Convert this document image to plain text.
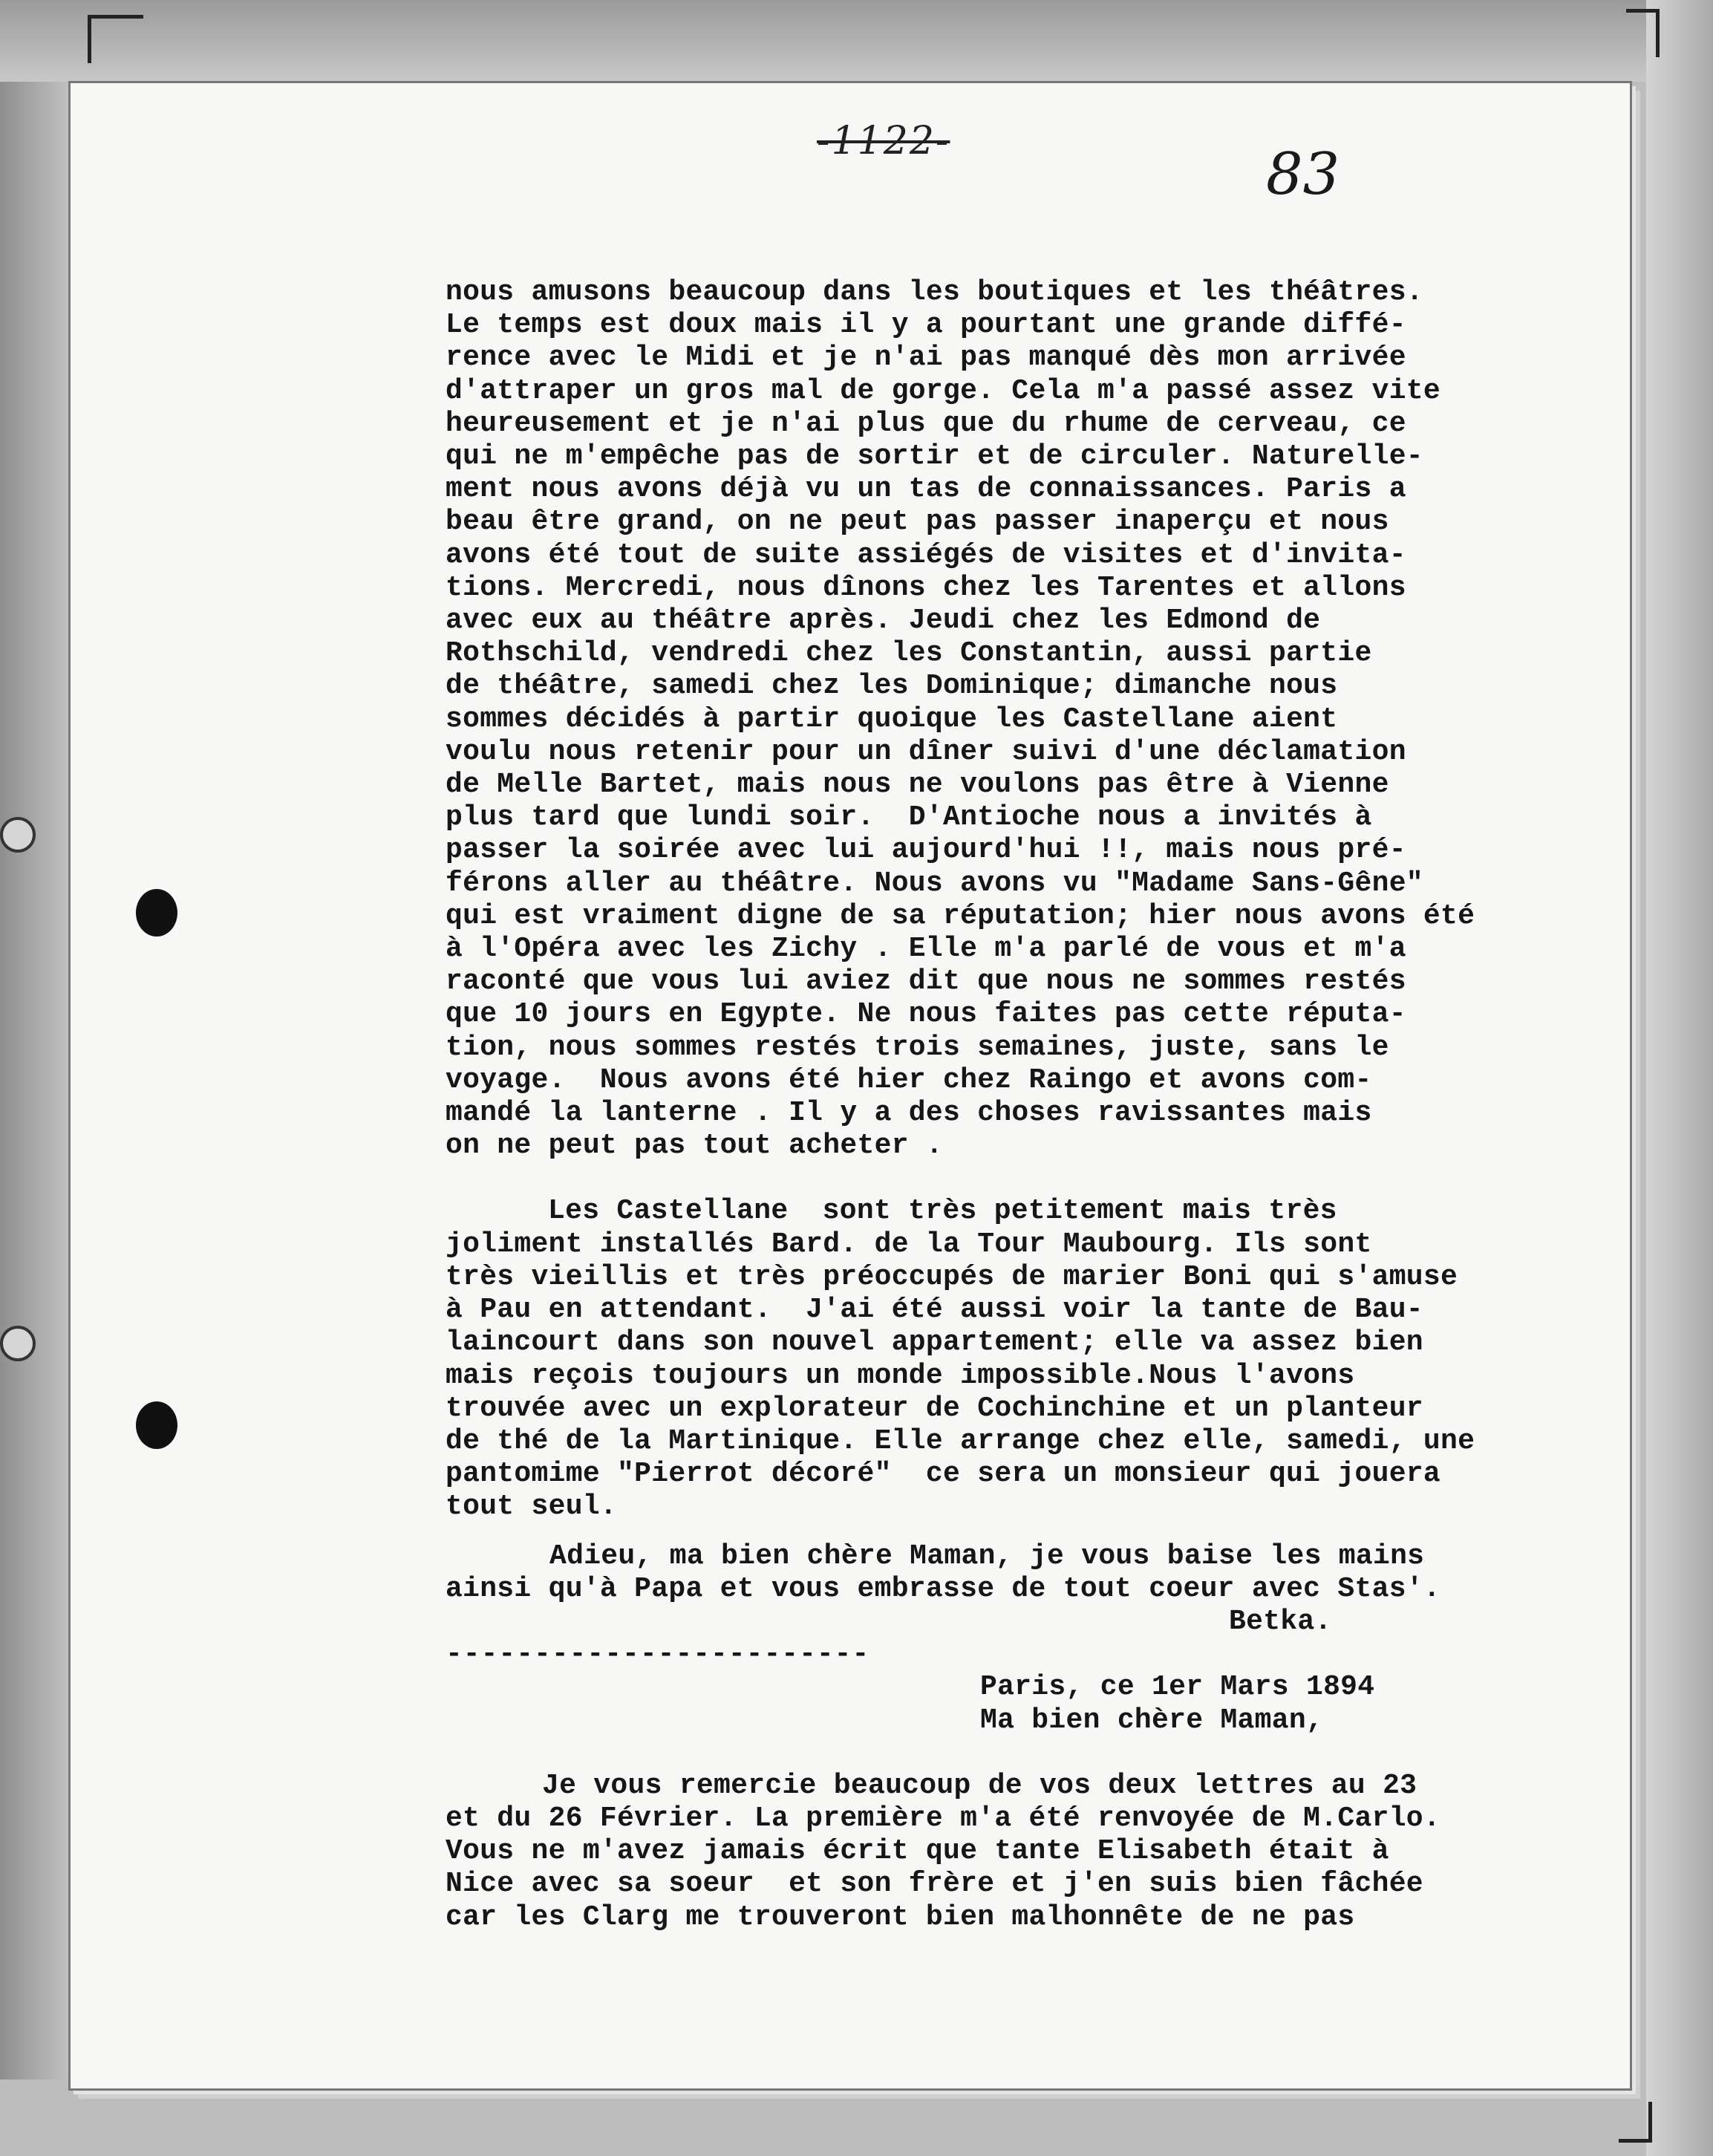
-1122-	83
nous amusons beaucoup dans les boutiques et les théâtres.
Le temps est doux mais il y a pourtant une grande diffé-
rence avec le Midi et je n'ai pas manqué dès mon arrivée
d'attraper un gros mal de gorge. Cela m'a passé assez vite
heureusement et je n'ai plus que du rhume de cerveau, ce
qui ne m'empêche pas de sortir et de circuler. Naturelle-
ment nous avons déjà vu un tas de connaissances. Paris a
beau être grand, on ne peut pas passer inaperçu et nous
avons été tout de suite assiégés de visites et d'invita-
tions. Mercredi, nous dînons chez les Tarentes et allons
avec eux au théâtre après. Jeudi chez les Edmond de
Rothschild, vendredi chez les Constantin, aussi partie
de théâtre, samedi chez les Dominique; dimanche nous
sommes décidés à partir quoique les Castellane aient
voulu nous retenir pour un dîner suivi d'une déclamation
de Melle Bartet, mais nous ne voulons pas être à Vienne
plus tard que lundi soir.  D'Antioche nous a invités à
passer la soirée avec lui aujourd'hui !!, mais nous pré-
férons aller au théâtre. Nous avons vu "Madame Sans-Gêne"
qui est vraiment digne de sa réputation; hier nous avons été
à l'Opéra avec les Zichy . Elle m'a parlé de vous et m'a
raconté que vous lui aviez dit que nous ne sommes restés
que 10 jours en Egypte. Ne nous faites pas cette réputa-
tion, nous sommes restés trois semaines, juste, sans le
voyage.  Nous avons été hier chez Raingo et avons com-
mandé la lanterne . Il y a des choses ravissantes mais
on ne peut pas tout acheter .
Les Castellane  sont très petitement mais très
joliment installés Bard. de la Tour Maubourg. Ils sont
très vieillis et très préoccupés de marier Boni qui s'amuse
à Pau en attendant.  J'ai été aussi voir la tante de Bau-
laincourt dans son nouvel appartement; elle va assez bien
mais reçois toujours un monde impossible.Nous l'avons
trouvée avec un explorateur de Cochinchine et un planteur
de thé de la Martinique. Elle arrange chez elle, samedi, une
pantomime "Pierrot décoré"  ce sera un monsieur qui jouera
tout seul.
Adieu, ma bien chère Maman, je vous baise les mains
ainsi qu'à Papa et vous embrasse de tout coeur avec Stas'.
Betka.
------------------------
Paris, ce 1er Mars 1894
Ma bien chère Maman,
Je vous remercie beaucoup de vos deux lettres au 23
et du 26 Février. La première m'a été renvoyée de M.Carlo.
Vous ne m'avez jamais écrit que tante Elisabeth était à
Nice avec sa soeur  et son frère et j'en suis bien fâchée
car les Clarg me trouveront bien malhonnête de ne pas
